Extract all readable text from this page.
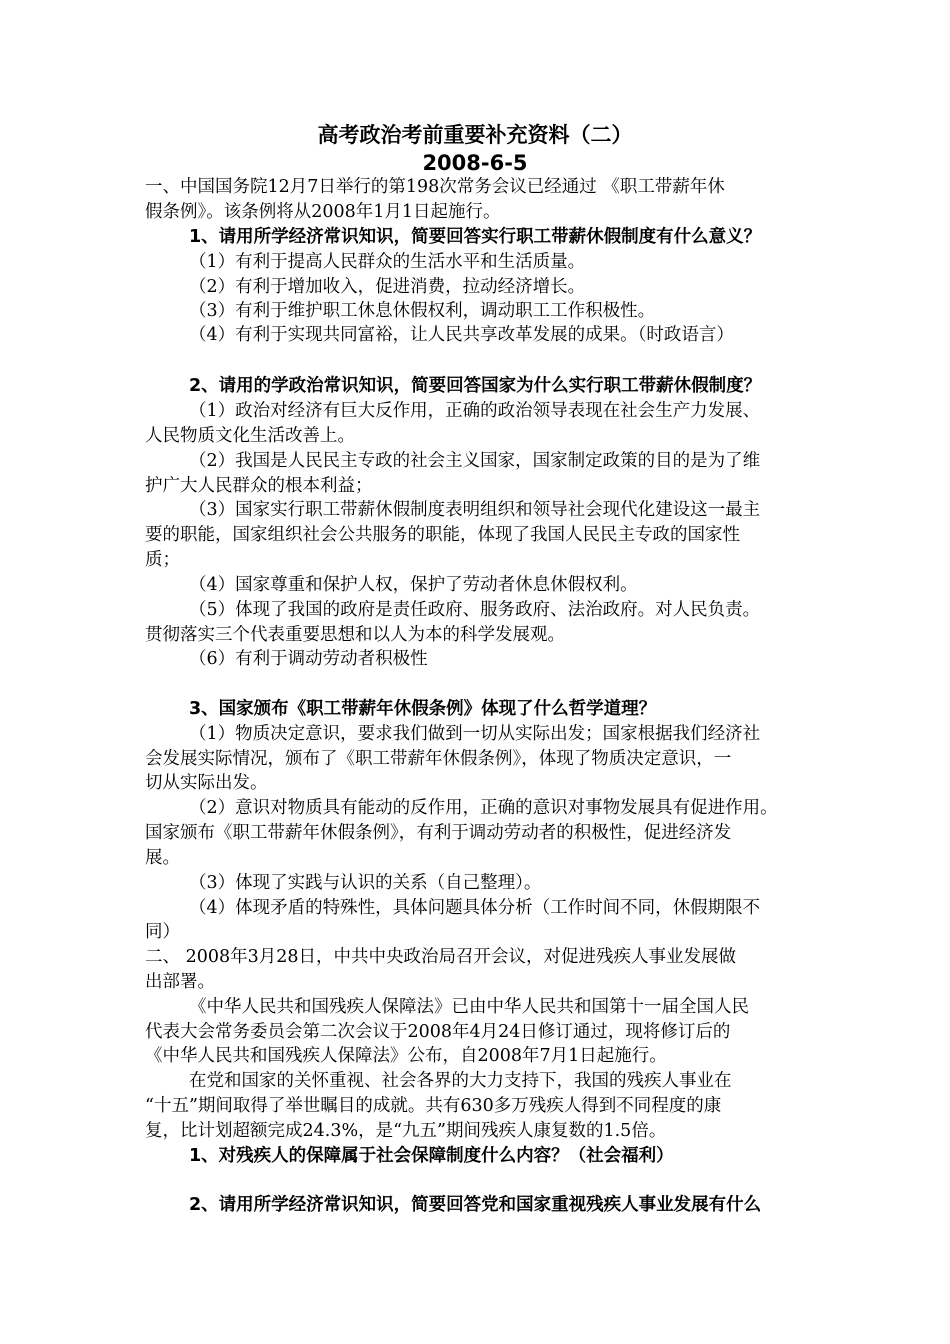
高考政治考前重要补充资料（二）
2008-6-5
一、中国国务院12月7日举行的第198次常务会议已经通过 《职工带薪年休
假条例》。该条例将从2008年1月1日起施行。
1、请用所学经济常识知识，简要回答实行职工带薪休假制度有什么意义？
（1）有利于提高人民群众的生活水平和生活质量。
（2）有利于增加收入，促进消费，拉动经济增长。
（3）有利于维护职工休息休假权利，调动职工工作积极性。
（4）有利于实现共同富裕，让人民共享改革发展的成果。（时政语言）
2、请用的学政治常识知识，简要回答国家为什么实行职工带薪休假制度？
（1）政治对经济有巨大反作用，正确的政治领导表现在社会生产力发展、
人民物质文化生活改善上。
（2）我国是人民民主专政的社会主义国家，国家制定政策的目的是为了维
护广大人民群众的根本利益；
（3）国家实行职工带薪休假制度表明组织和领导社会现代化建设这一最主
要的职能，国家组织社会公共服务的职能，体现了我国人民民主专政的国家性
质；
（4）国家尊重和保护人权，保护了劳动者休息休假权利。
（5）体现了我国的政府是责任政府、服务政府、法治政府。对人民负责。
贯彻落实三个代表重要思想和以人为本的科学发展观。
（6）有利于调动劳动者积极性
3、国家颁布《职工带薪年休假条例》体现了什么哲学道理？
（1）物质决定意识，要求我们做到一切从实际出发；国家根据我们经济社
会发展实际情况，颁布了《职工带薪年休假条例》，体现了物质决定意识，一
切从实际出发。
（2）意识对物质具有能动的反作用，正确的意识对事物发展具有促进作用。
国家颁布《职工带薪年休假条例》，有利于调动劳动者的积极性，促进经济发
展。
（3）体现了实践与认识的关系（自己整理）。
（4）体现矛盾的特殊性，具体问题具体分析（工作时间不同，休假期限不
同）
二、 2008年3月28日，中共中央政治局召开会议，对促进残疾人事业发展做
出部署。
《中华人民共和国残疾人保障法》已由中华人民共和国第十一届全国人民
代表大会常务委员会第二次会议于2008年4月24日修订通过，现将修订后的
《中华人民共和国残疾人保障法》公布，自2008年7月1日起施行。
在党和国家的关怀重视、社会各界的大力支持下，我国的残疾人事业在
“十五”期间取得了举世瞩目的成就。共有630多万残疾人得到不同程度的康
复，比计划超额完成24.3%，是“九五”期间残疾人康复数的1.5倍。
1、对残疾人的保障属于社会保障制度什么内容？（社会福利）
2、请用所学经济常识知识，简要回答党和国家重视残疾人事业发展有什么
